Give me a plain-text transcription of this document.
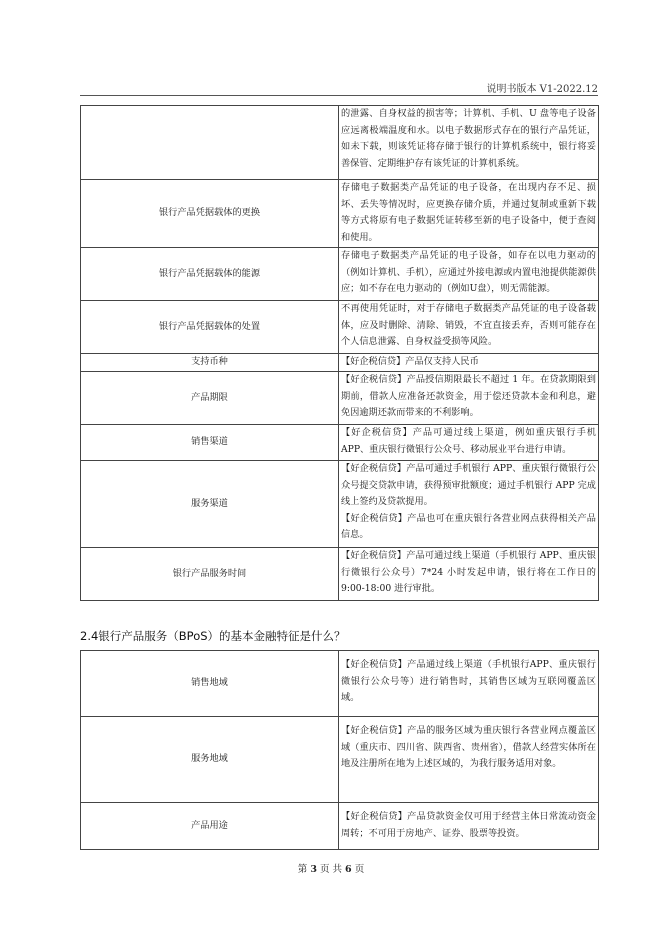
说明书版本 V1-2022.12

	的泄露、自身权益的损害等；计算机、手机、U 盘等电子设备应远离极端温度和水。以电子数据形式存在的银行产品凭证，如未下载，则该凭证将存储于银行的计算机系统中，银行将妥善保管、定期维护存有该凭证的计算机系统。

银行产品凭据载体的更换	存储电子数据类产品凭证的电子设备，在出现内存不足、损坏、丢失等情况时，应更换存储介质，并通过复制或重新下载等方式将原有电子数据凭证转移至新的电子设备中，便于查阅和使用。

银行产品凭据载体的能源	存储电子数据类产品凭证的电子设备，如存在以电力驱动的（例如计算机、手机），应通过外接电源或内置电池提供能源供应；如不存在电力驱动的（例如U盘），则无需能源。

银行产品凭据载体的处置	不再使用凭证时，对于存储电子数据类产品凭证的电子设备载体，应及时删除、清除、销毁，不宜直接丢弃，否则可能存在个人信息泄露、自身权益受损等风险。

支持币种	【好企税信贷】产品仅支持人民币

产品期限	【好企税信贷】产品授信期限最长不超过 1 年。在贷款期限到期前，借款人应准备还款资金，用于偿还贷款本金和利息，避免因逾期还款而带来的不利影响。

销售渠道	【好企税信贷】产品可通过线上渠道，例如重庆银行手机APP、重庆银行微银行公众号、移动展业平台进行申请。

服务渠道	【好企税信贷】产品可通过手机银行 APP、重庆银行微银行公众号提交贷款申请，获得预审批额度；通过手机银行 APP 完成线上签约及贷款提用。

【好企税信贷】产品也可在重庆银行各营业网点获得相关产品信息。

银行产品服务时间	【好企税信贷】产品可通过线上渠道（手机银行 APP、重庆银行微银行公众号）7*24 小时发起申请，银行将在工作日的 9:00-18:00 进行审批。

2.4银行产品服务（BPoS）的基本金融特征是什么？
销售地域	【好企税信贷】产品通过线上渠道（手机银行APP、重庆银行微银行公众号等）进行销售时，其销售区域为互联网覆盖区域。

服务地域	【好企税信贷】产品的服务区域为重庆银行各营业网点覆盖区域（重庆市、四川省、陕西省、贵州省），借款人经营实体所在地及注册所在地为上述区域的，为我行服务适用对象。

产品用途	【好企税信贷】产品贷款资金仅可用于经营主体日常流动资金周转；不可用于房地产、证券、股票等投资。

第 3 页 共 6 页
